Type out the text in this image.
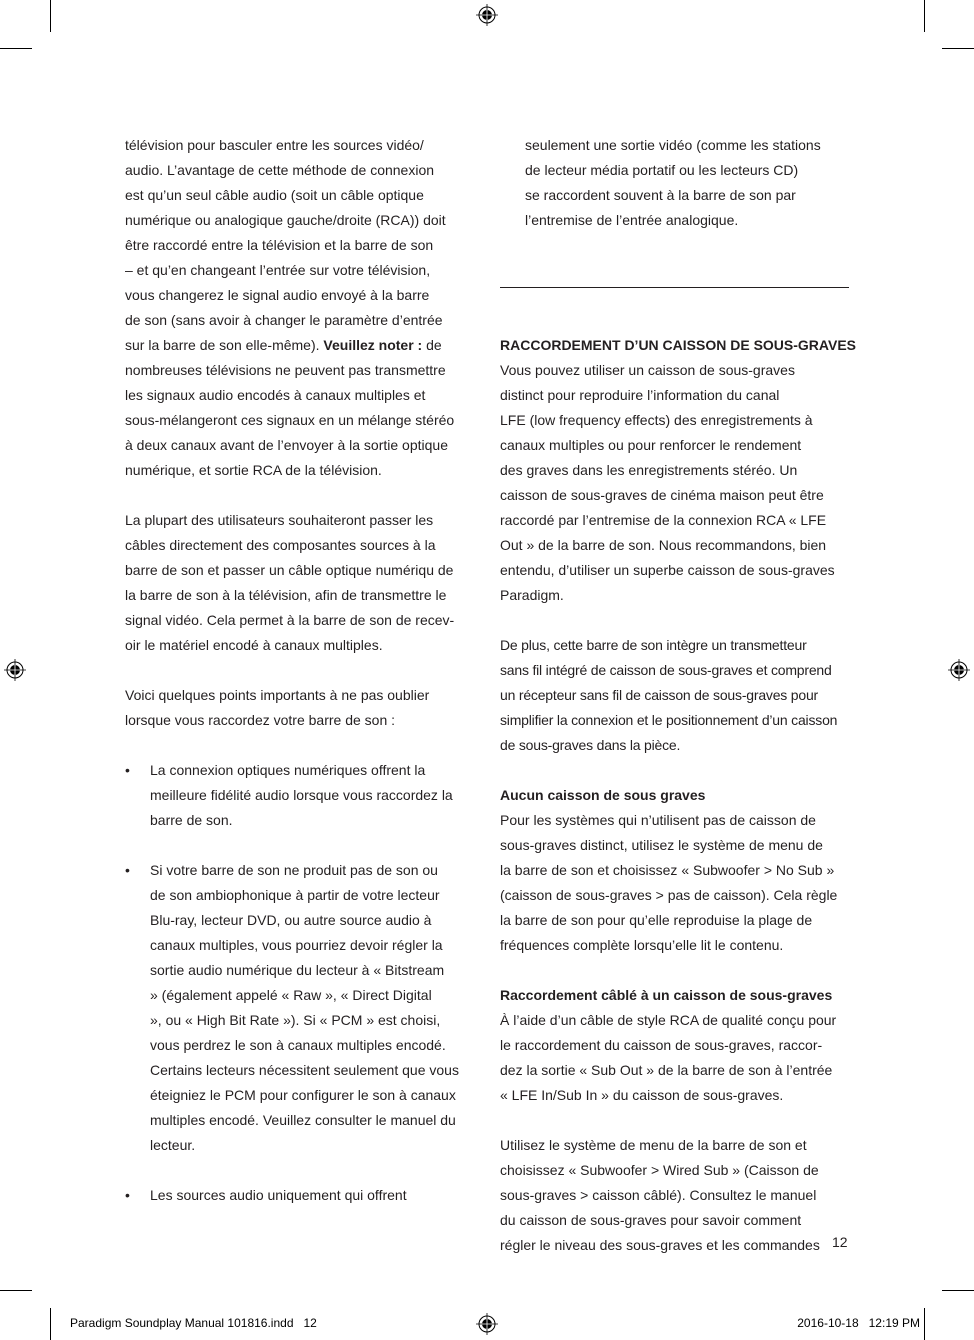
télévision pour basculer entre les sources vidéo/
audio. L’avantage de cette méthode de connexion
est qu’un seul câble audio (soit un câble optique
numérique ou analogique gauche/droite (RCA)) doit
être raccordé entre la télévision et la barre de son
– et qu’en changeant l’entrée sur votre télévision,
vous changerez le signal audio envoyé à la barre
de son (sans avoir à changer le paramètre d’entrée
sur la barre de son elle-même). Veuillez noter : de
nombreuses télévisions ne peuvent pas transmettre
les signaux audio encodés à canaux multiples et
sous-mélangeront ces signaux en un mélange stéréo
à deux canaux avant de l’envoyer à la sortie optique
numérique, et sortie RCA de la télévision.
La plupart des utilisateurs souhaiteront passer les
câbles directement des composantes sources à la
barre de son et passer un câble optique numériqu de
la barre de son à la télévision, afin de transmettre le
signal vidéo. Cela permet à la barre de son de recev-
oir le matériel encodé à canaux multiples.
Voici quelques points importants à ne pas oublier
lorsque vous raccordez votre barre de son :
• La connexion optiques numériques offrent la
meilleure fidélité audio lorsque vous raccordez la
barre de son.
• Si votre barre de son ne produit pas de son ou
de son ambiophonique à partir de votre lecteur
Blu-ray, lecteur DVD, ou autre source audio à
canaux multiples, vous pourriez devoir régler la
sortie audio numérique du lecteur à « Bitstream
» (également appelé « Raw », « Direct Digital
», ou « High Bit Rate »). Si « PCM » est choisi,
vous perdrez le son à canaux multiples encodé.
Certains lecteurs nécessitent seulement que vous
éteigniez le PCM pour configurer le son à canaux
multiples encodé. Veuillez consulter le manuel du
lecteur.
• Les sources audio uniquement qui offrent
seulement une sortie vidéo (comme les stations
de lecteur média portatif ou les lecteurs CD)
se raccordent souvent à la barre de son par
l’entremise de l’entrée analogique.
RACCORDEMENT D’UN CAISSON DE SOUS-GRAVES
Vous pouvez utiliser un caisson de sous-graves
distinct pour reproduire l’information du canal
LFE (low frequency effects) des enregistrements à
canaux multiples ou pour renforcer le rendement
des graves dans les enregistrements stéréo. Un
caisson de sous-graves de cinéma maison peut être
raccordé par l’entremise de la connexion RCA « LFE
Out » de la barre de son. Nous recommandons, bien
entendu, d’utiliser un superbe caisson de sous-graves
Paradigm.
De plus, cette barre de son intègre un transmetteur
sans fil intégré de caisson de sous-graves et comprend
un récepteur sans fil de caisson de sous-graves pour
simplifier la connexion et le positionnement d’un caisson
de sous-graves dans la pièce.
Aucun caisson de sous graves
Pour les systèmes qui n’utilisent pas de caisson de
sous-graves distinct, utilisez le système de menu de
la barre de son et choisissez « Subwoofer > No Sub »
(caisson de sous-graves > pas de caisson). Cela règle
la barre de son pour qu’elle reproduise la plage de
fréquences complète lorsqu’elle lit le contenu.
Raccordement câblé à un caisson de sous-graves
À l’aide d’un câble de style RCA de qualité conçu pour
le raccordement du caisson de sous-graves, raccor-
dez la sortie « Sub Out » de la barre de son à l’entrée
« LFE In/Sub In » du caisson de sous-graves.
Utilisez le système de menu de la barre de son et
choisissez « Subwoofer > Wired Sub » (Caisson de
sous-graves > caisson câblé). Consultez le manuel
du caisson de sous-graves pour savoir comment
régler le niveau des sous-graves et les commandes 12
Paradigm Soundplay Manual 101816.indd   12	2016-10-18   12:19 PM
